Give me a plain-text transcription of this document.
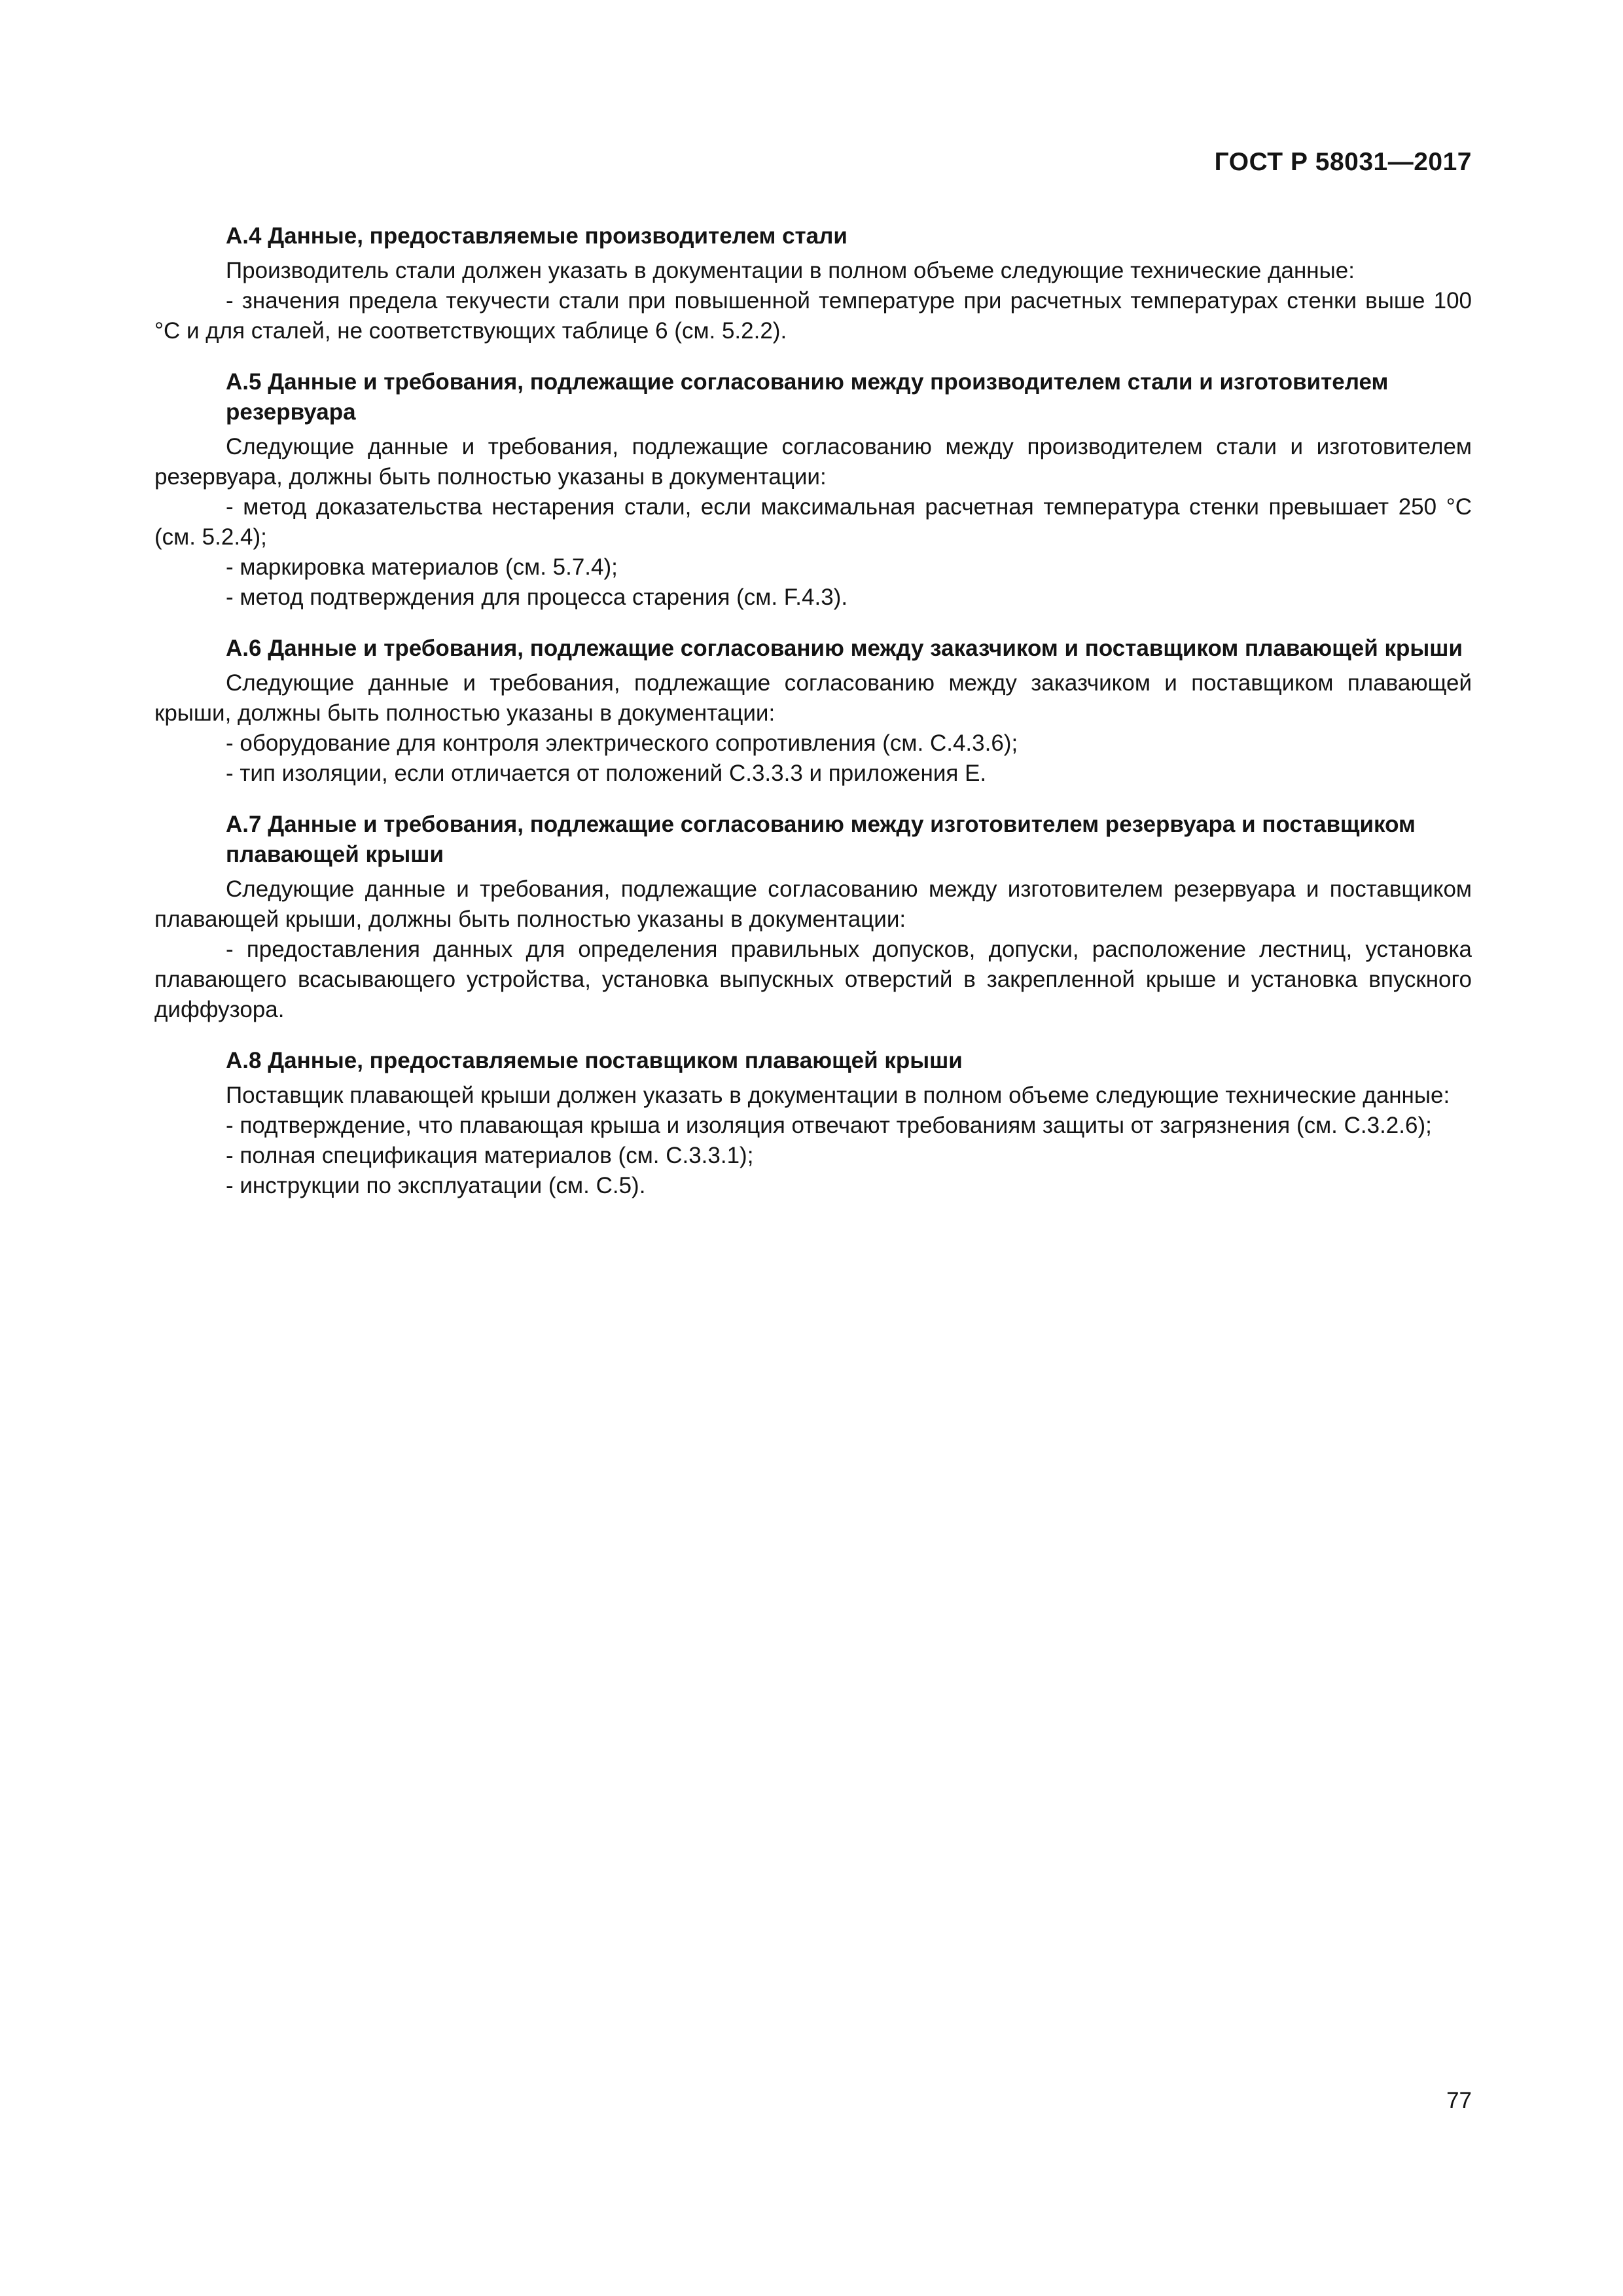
ГОСТ Р 58031—2017
А.4 Данные, предоставляемые производителем стали

Производитель стали должен указать в документации в полном объеме следующие технические данные:

- значения предела текучести стали при повышенной температуре при расчетных температурах стенки выше 100 °С и для сталей, не соответствующих таблице 6 (см. 5.2.2).

А.5 Данные и требования, подлежащие согласованию между производителем стали и изготовителем резервуара

Следующие данные и требования, подлежащие согласованию между производителем стали и изготовителем резервуара, должны быть полностью указаны в документации:

- метод доказательства нестарения стали, если максимальная расчетная температура стенки превышает 250 °С (см. 5.2.4);

- маркировка материалов (см. 5.7.4);

- метод подтверждения для процесса старения (см. F.4.3).

А.6 Данные и требования, подлежащие согласованию между заказчиком и поставщиком плавающей крыши

Следующие данные и требования, подлежащие согласованию между заказчиком и поставщиком плавающей крыши, должны быть полностью указаны в документации:

- оборудование для контроля электрического сопротивления (см. С.4.3.6);

- тип изоляции, если отличается от положений С.3.3.3 и приложения Е.

А.7 Данные и требования, подлежащие согласованию между изготовителем резервуара и поставщиком плавающей крыши

Следующие данные и требования, подлежащие согласованию между изготовителем резервуара и поставщиком плавающей крыши, должны быть полностью указаны в документации:

- предоставления данных для определения правильных допусков, допуски, расположение лестниц, установка плавающего всасывающего устройства, установка выпускных отверстий в закрепленной крыше и установка впускного диффузора.

А.8 Данные, предоставляемые поставщиком плавающей крыши

Поставщик плавающей крыши должен указать в документации в полном объеме следующие технические данные:

- подтверждение, что плавающая крыша и изоляция отвечают требованиям защиты от загрязнения (см. С.3.2.6);

- полная спецификация материалов (см. С.3.3.1);

- инструкции по эксплуатации (см. С.5).

77
